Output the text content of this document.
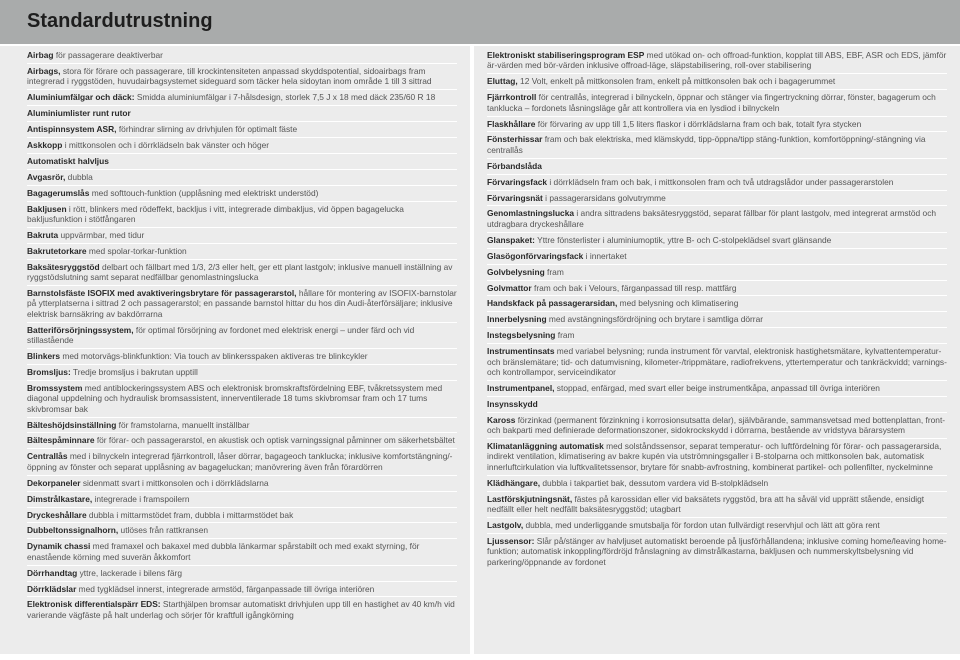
Standardutrustning

Airbag för passagerare deaktiverbar

Airbags, stora för förare och passagerare, till krockintensiteten anpassad skyddspotential, sidoairbags fram integrerad i ryggstöden, huvudairbagsystemet sideguard som täcker hela sidoytan inom område 1 till 3 sittrad

Aluminiumfälgar och däck: Smidda aluminiumfälgar i 7-hålsdesign, storlek 7,5 J x 18 med däck 235/60 R 18

Aluminiumlister runt rutor

Antispinnsystem ASR, förhindrar slirning av drivhjulen för optimalt fäste

Askkopp i mittkonsolen och i dörrklädseln bak vänster och höger

Automatiskt halvljus

Avgasrör, dubbla

Bagagerumslås med softtouch-funktion (upplåsning med elektriskt understöd)

Bakljusen i rött, blinkers med rödeffekt, backljus i vitt, integrerade dimbakljus, vid öppen bagagelucka bakljusfunktion i stötfångaren

Bakruta uppvärmbar, med tidur

Bakrutetorkare med spolar-torkar-funktion

Baksätesryggstöd delbart och fällbart med 1/3, 2/3 eller helt, ger ett plant lastgolv; inklusive manuell inställning av ryggstödslutning samt separat nedfällbar genomlastningslucka

Barnstolsfäste ISOFIX med avaktiveringsbrytare för passagerarstol, hållare för montering av ISOFIX-barnstolar på ytterplatserna i sittrad 2 och passagerarstol; en passande barnstol hittar du hos din Audi-återförsäljare; inklusive elektrisk barnsäkring av bakdörrarna

Batteriförsörjningssystem, för optimal försörjning av fordonet med elektrisk energi – under färd och vid stillastående

Blinkers med motorvägs-blinkfunktion: Via touch av blinkersspaken aktiveras tre blinkcykler

Bromsljus: Tredje bromsljus i bakrutan upptill

Bromssystem med antiblockeringssystem ABS och elektronisk bromskraftsfördelning EBF, tvåkretssystem med diagonal uppdelning och hydraulisk bromsassistent, innerventilerade 18 tums skivbromsar fram och 17 tums skivbromsar bak

Bälteshöjdsinställning för framstolarna, manuellt inställbar

Bältespåminnare för förar- och passagerarstol, en akustisk och optisk varningssignal påminner om säkerhetsbältet

Centrallås med i bilnyckeln integrerad fjärrkontroll, låser dörrar, bagageoch tanklucka; inklusive komfortstängning/-öppning av fönster och separat upplåsning av bagageluckan; manövrering även från förardörren

Dekorpaneler sidenmatt svart i mittkonsolen och i dörrklädslarna

Dimstrålkastare, integrerade i framspoilern

Dryckeshållare dubbla i mittarmstödet fram, dubbla i mittarmstödet bak

Dubbeltonssignalhorn, utlöses från rattkransen

Dynamik chassi med framaxel och bakaxel med dubbla länkarmar spårstabilt och med exakt styrning, för enastående körning med suverän åkkomfort

Dörrhandtag yttre, lackerade i bilens färg

Dörrklädslar med tygklädsel innerst, integrerade armstöd, färganpassade till övriga interiören

Elektronisk differentialspärr EDS: Starthjälpen bromsar automatiskt drivhjulen upp till en hastighet av 40 km/h vid varierande vägfäste på halt underlag och sörjer för kraftfull igångkörning

Elektroniskt stabiliseringsprogram ESP med utökad on- och offroad-funktion, kopplat till ABS, EBF, ASR och EDS, jämför är-värden med bör-värden inklusive offroad-läge, släpstabilisering, roll-over stabilisering

Eluttag, 12 Volt, enkelt på mittkonsolen fram, enkelt på mittkonsolen bak och i bagagerummet

Fjärrkontroll för centrallås, integrerad i bilnyckeln, öppnar och stänger via fingertryckning dörrar, fönster, bagagerum och tanklucka – fordonets låsningsläge går att kontrollera via en lysdiod i bilnyckeln

Flaskhållare för förvaring av upp till 1,5 liters flaskor i dörrklädslarna fram och bak, totalt fyra stycken

Fönsterhissar fram och bak elektriska, med klämskydd, tipp-öppna/tipp stäng-funktion, komfortöppning/-stängning via centrallås

Förbandslåda

Förvaringsfack i dörrklädseln fram och bak, i mittkonsolen fram och två utdragslådor under passagerarstolen

Förvaringsnät i passagerarsidans golvutrymme

Genomlastningslucka i andra sittradens baksätesryggstöd, separat fällbar för plant lastgolv, med integrerat armstöd och utdragbara dryckeshållare

Glanspaket: Yttre fönsterlister i aluminiumoptik, yttre B- och C-stolpeklädsel svart glänsande

Glasögonförvaringsfack i innertaket

Golvbelysning fram

Golvmattor fram och bak i Velours, färganpassad till resp. mattfärg

Handskfack på passagerarsidan, med belysning och klimatisering

Innerbelysning med avstängningsfördröjning och brytare i samtliga dörrar

Instegsbelysning fram

Instrumentinsats med variabel belysning; runda instrument för varvtal, elektronisk hastighetsmätare, kylvattentemperatur- och bränslemätare; tid- och datumvisning, kilometer-/trippmätare, radiofrekvens, yttertemperatur och tankräckvidd; varnings- och kontrollampor, serviceindikator

Instrumentpanel, stoppad, enfärgad, med svart eller beige instrumentkåpa, anpassad till övriga interiören

Insynsskydd

Kaross förzinkad (permanent förzinkning i korrosionsutsatta delar), självbärande, sammansvetsad med bottenplattan, front- och bakparti med definierade deformationszoner, sidokrockskydd i dörrarna, bestående av vridstyva bärarsystem

Klimatanläggning automatisk med solståndssensor, separat temperatur- och luftfördelning för förar- och passagerarsida, indirekt ventilation, klimatisering av bakre kupén via utströmningsgaller i B-stolparna och mittkonsolen bak, automatisk innerluftcirkulation via luftkvalitetssensor, brytare för snabb-avfrostning, kombinerat partikel- och pollenfilter, nyckelminne

Klädhängare, dubbla i takpartiet bak, dessutom vardera vid B-stolpklädseln

Lastförskjutningsnät, fästes på karossidan eller vid baksätets ryggstöd, bra att ha såväl vid upprätt stående, ensidigt nedfällt eller helt nedfällt baksätesryggstöd; utagbart

Lastgolv, dubbla, med underliggande smutsbalja för fordon utan fullvärdigt reservhjul och lätt att göra rent

Ljussensor: Slår på/stänger av halvljuset automatiskt beroende på ljusförhållandena; inklusive coming home/leaving home-funktion; automatisk inkoppling/fördröjd frånslagning av dimstrålkastarna, bakljusen och nummerskyltsbelysning vid parkering/öppnande av fordonet
